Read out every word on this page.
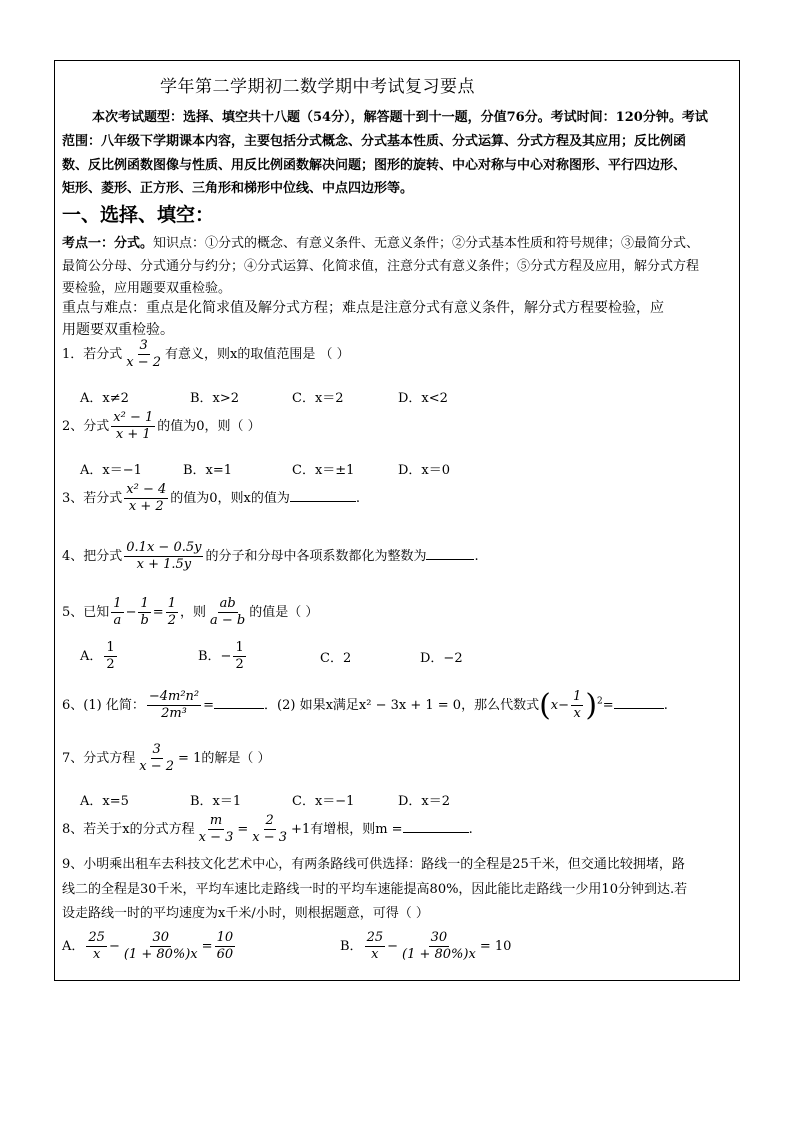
学年第二学期初二数学期中考试复习要点
本次考试题型：选择、填空共十八题（54分），解答题十到十一题，分值76分。考试时间：120分钟。考试
范围：八年级下学期课本内容，主要包括分式概念、分式基本性质、分式运算、分式方程及其应用；反比例函
数、反比例函数图像与性质、用反比例函数解决问题；图形的旋转、中心对称与中心对称图形、平行四边形、
矩形、菱形、正方形、三角形和梯形中位线、中点四边形等。
一、选择、填空：
考点一：分式。知识点：①分式的概念、有意义条件、无意义条件；②分式基本性质和符号规律；③最简分式、
最简公分母、分式通分与约分；④分式运算、化简求值，注意分式有意义条件；⑤分式方程及应用，解分式方程
要检验，应用题要双重检验。
重点与难点：重点是化简求值及解分式方程；难点是注意分式有意义条件，解分式方程要检验，应
用题要双重检验。
1．若分式 $\frac{3}{x - 2}$ 有意义，则x的取值范围是 （ ）
A．x≠2	B．x>2	C．x＝2	D．x<2
2、分式 $\frac{\text{x² − 1}}{x + 1}$ 的值为0，则（ ）
A．x＝−1	B．x=1	C．x＝±1	D．x＝0
3、若分式 $\frac{\text{x² − 4}}{x + 2}$ 的值为0，则x的值为	.
4、把分式 $\frac{0.1x - 0.5y}{x + 1.5y}$ 的分子和分母中各项系数都化为整数为	.
5、已知 $\frac{1}{a} - \frac{1}{b} = \frac{1}{2}$ ，则 $\frac{ab}{a - b}$ 的值是（ ）
A． $\frac{1}{2}$	B．− $\frac{1}{2}$	C．2	D．−2
6、(1) 化简： $\frac{\text{−4m²n²}}{\text{2m³}}$ =	．(2) 如果x满足x² − 3x + 1 = 0，那么代数式$(x- \frac{1}{x} )^2=$	.
7、分式方程 $\frac{3}{x - 2} = 1$的解是（ ）
A．x=5	B．x＝1	C．x＝−1	D．x＝2
8、若关于x的分式方程 $\frac{m}{x - 3} = \frac{2}{x - 3} +1$有增根，则m =	.
9、小明乘出租车去科技文化艺术中心，有两条路线可供选择：路线一的全程是25千米，但交通比较拥堵，路
线二的全程是30千米，平均车速比走路线一时的平均车速能提高80%，因此能比走路线一少用10分钟到达.若
设走路线一时的平均速度为x千米/小时，则根据题意，可得（ ）
A． $\frac{25}{x} - \frac{30}{(1 + 80\%)x} = \frac{10}{60}$	B． $\frac{25}{x} - \frac{30}{(1 + 80\%)x} = 10$
